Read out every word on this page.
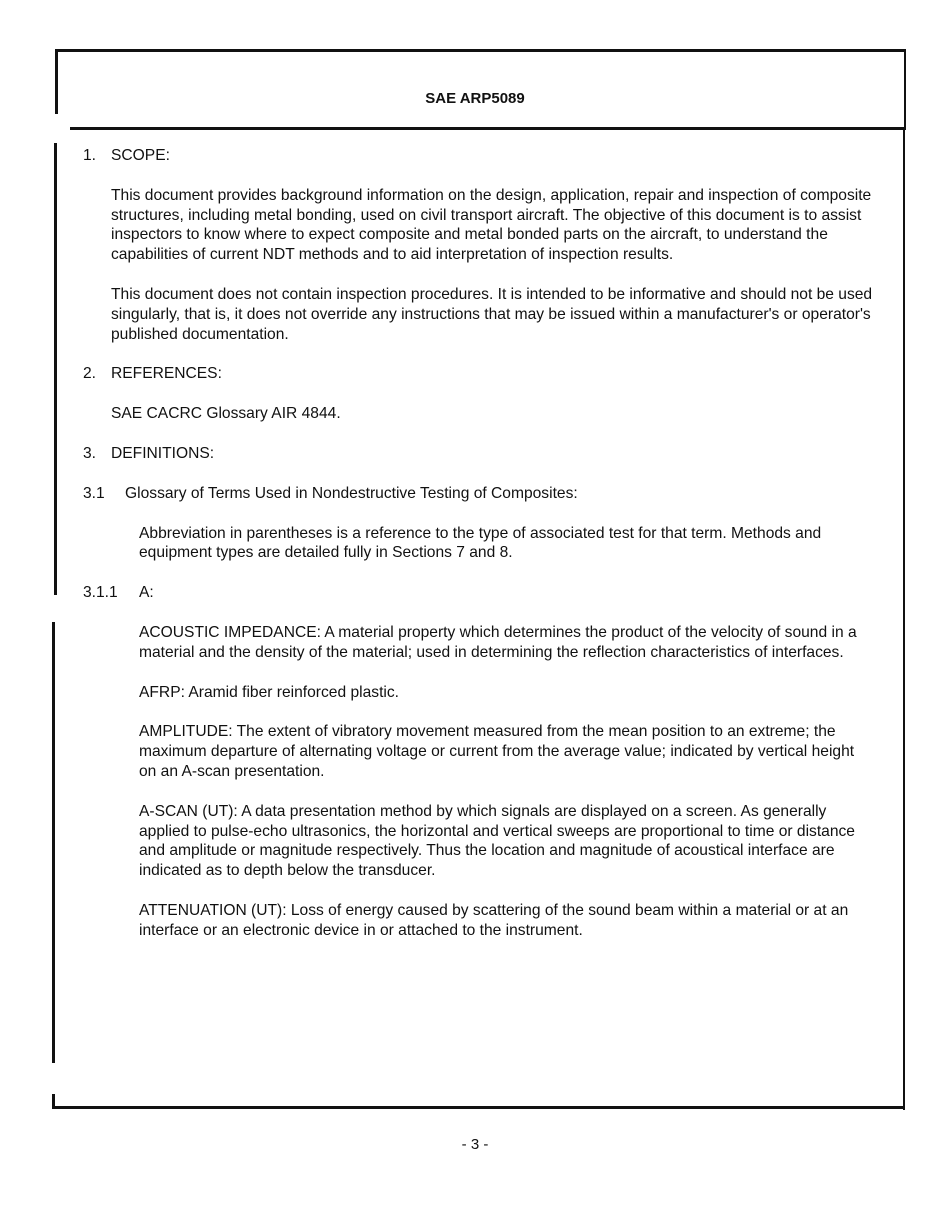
SAE ARP5089

1. SCOPE:

This document provides background information on the design, application, repair and inspection of composite structures, including metal bonding, used on civil transport aircraft. The objective of this document is to assist inspectors to know where to expect composite and metal bonded parts on the aircraft, to understand the capabilities of current NDT methods and to aid interpretation of inspection results.

This document does not contain inspection procedures. It is intended to be informative and should not be used singularly, that is, it does not override any instructions that may be issued within a manufacturer's or operator's published documentation.

2. REFERENCES:

SAE CACRC Glossary AIR 4844.

3. DEFINITIONS:

3.1	Glossary of Terms Used in Nondestructive Testing of Composites:

Abbreviation in parentheses is a reference to the type of associated test for that term. Methods and equipment types are detailed fully in Sections 7 and 8.

3.1.1	A:

ACOUSTIC IMPEDANCE: A material property which determines the product of the velocity of sound in a material and the density of the material; used in determining the reflection characteristics of interfaces.

AFRP: Aramid fiber reinforced plastic.

AMPLITUDE: The extent of vibratory movement measured from the mean position to an extreme; the maximum departure of alternating voltage or current from the average value; indicated by vertical height on an A-scan presentation.

A-SCAN (UT): A data presentation method by which signals are displayed on a screen. As generally applied to pulse-echo ultrasonics, the horizontal and vertical sweeps are proportional to time or distance and amplitude or magnitude respectively. Thus the location and magnitude of acoustical interface are indicated as to depth below the transducer.

ATTENUATION (UT): Loss of energy caused by scattering of the sound beam within a material or at an interface or an electronic device in or attached to the instrument.

- 3 -
